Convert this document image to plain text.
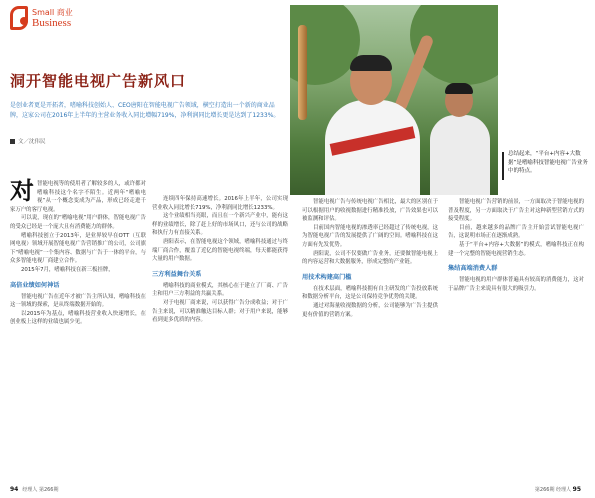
Small 商业
Business
洞开智能电视广告新风口
是创业者更是开拓者，嗜喻科技创始人、CEO唐阳在智能电视广告领域，横空打造出一个新的商业品牌，这家公司在2016年上半年的主营业务收入同比增幅719%，净利润同比增长更是达到了1233%。
文／沈伟民
总结起来，“平台+内容+大数据”是嗜喻科技智能电视广告业务中的特点。
对 智能电视等的使用者了解较多的人，或许都对嗜喻科技这个名字不陌生。近两年“嗜喻电视”从一个概念变成为产品，形成已经走进千家万户的客厅电视。

可以说，现在的“嗜喻电视”用户群体，智能电视广告的受众已经是一个庞大且有消费能力的群体。

嗜喻科技创立于2013年，是业界较早在OTT（互联网电视）领域开展智能电视广告营销推广的公司，公司旗下“嗜喻电视”一个集内容、数据与广告于一体的平台，与众多智能电视厂商建立合作。

2015年7月，嗜喻科技在新三板挂牌，

高倍业绩如何神话

智能电视广告在近年才被广告主所认知，嗜喻科技在这一领域的探索，是从终端数据开始的。

以2015年为基点，嗜喻科技营业收入快速增长，在创业板上这样的业绩也属少见。

连续四年保持高速增长。2016年上半年，公司实现营业收入同比增长719%，净利润同比增长1233%。

这个业绩相当亮眼，而且在一个新兴产业中，能有这样的业绩增长，除了赶上好的市场风口，还与公司的战略和执行力有直接关系。

唐阳表示，在智能电视这个领域，嗜喻科技通过与终端厂商合作，覆盖了近亿的智能电视终端，每天都能获得大量的用户数据。

三方利益舞台关系

嗜喻科技的商业模式，其核心在于建立了厂商、广告主和用户三方利益的共赢关系。

对于电视厂商来说，可以获得广告分成收益；对于广告主来说，可以精准触达目标人群；对于用户来说，能够看到更多优质的内容。

智能电视广告与传统电视广告相比，最大的区别在于可以根据用户的收视数据进行精准投放，广告效果也可以被监测和评估。

目前国内智能电视的渗透率已经超过了传统电视，这为智能电视广告的发展提供了广阔的空间。嗜喻科技在这方面有先发优势。

唐阳说，公司不仅要做广告业务，还要做智能电视上的内容运营和大数据服务，形成完整的产业链。

用技术构建高门槛

在技术层面，嗜喻科技拥有自主研发的广告投放系统和数据分析平台，这是公司保持竞争优势的关键。

通过对海量收视数据的分析，公司能够为广告主提供更有价值的营销方案。

智能电视广告营销的前景，一方面取决于智能电视的普及程度，另一方面取决于广告主对这种新型营销方式的接受程度。

目前，越来越多的品牌广告主开始尝试智能电视广告，这说明市场正在逐渐成熟。

基于“平台+内容+大数据”的模式，嗜喻科技正在构建一个完整的智能电视营销生态。

集结高端消费人群

智能电视的用户群体普遍具有较高的消费能力，这对于品牌广告主来说具有很大的吸引力。

94 经理人 第266期	第266期 经理人 95
